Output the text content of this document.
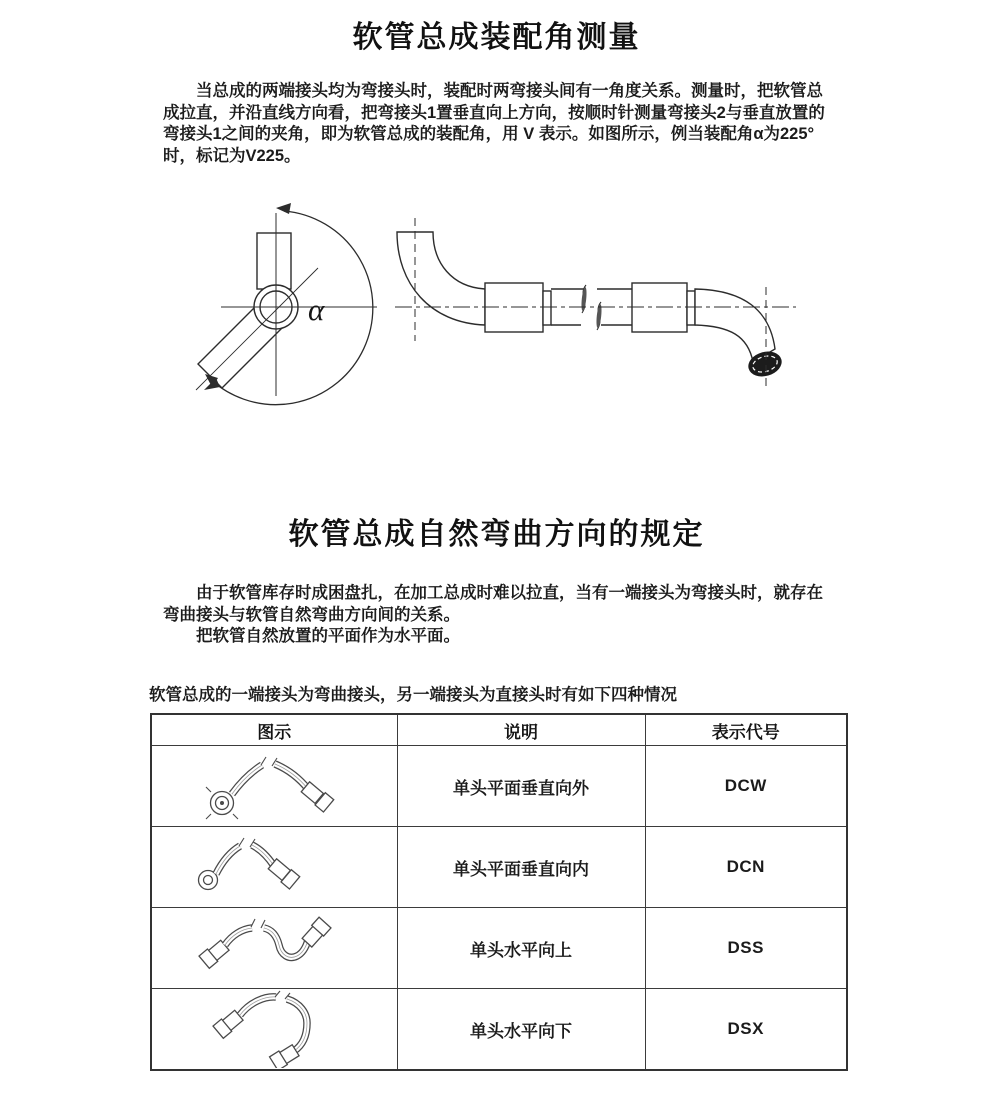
软管总成装配角测量

当总成的两端接头均为弯接头时，装配时两弯接头间有一角度关系。测量时，把软管总成拉直，并沿直线方向看，把弯接头1置垂直向上方向，按顺时针测量弯接头2与垂直放置的弯接头1之间的夹角，即为软管总成的装配角，用 V 表示。如图所示，例当装配角α为225°时，标记为V225。

α
软管总成自然弯曲方向的规定

由于软管库存时成困盘扎，在加工总成时难以拉直，当有一端接头为弯接头时，就存在弯曲接头与软管自然弯曲方向间的关系。

把软管自然放置的平面作为水平面。

软管总成的一端接头为弯曲接头，另一端接头为直接头时有如下四种情况

图示	说明	表示代号

	单头平面垂直向外	DCW

	单头平面垂直向内	DCN

	单头水平向上	DSS

	单头水平向下	DSX
